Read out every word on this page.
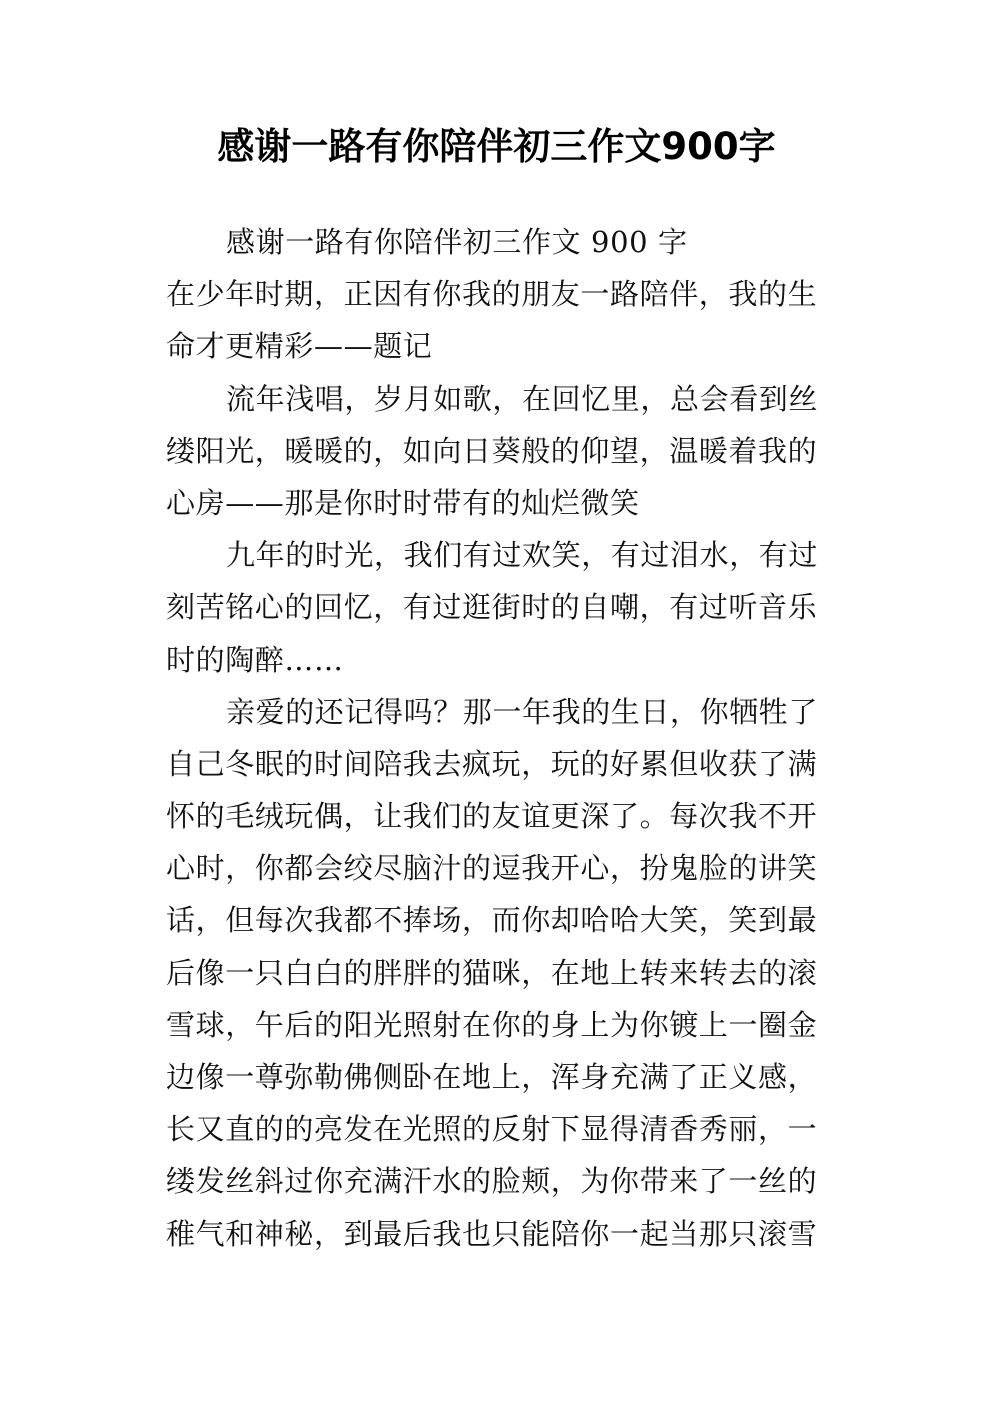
感谢一路有你陪伴初三作文900字
感谢一路有你陪伴初三作文 900 字
在少年时期，正因有你我的朋友一路陪伴，我的生
命才更精彩——题记
流年浅唱，岁月如歌，在回忆里，总会看到丝
缕阳光，暖暖的，如向日葵般的仰望，温暖着我的
心房——那是你时时带有的灿烂微笑
九年的时光，我们有过欢笑，有过泪水，有过
刻苦铭心的回忆，有过逛街时的自嘲，有过听音乐
时的陶醉……
亲爱的还记得吗？那一年我的生日，你牺牲了
自己冬眠的时间陪我去疯玩，玩的好累但收获了满
怀的毛绒玩偶，让我们的友谊更深了。每次我不开
心时，你都会绞尽脑汁的逗我开心，扮鬼脸的讲笑
话，但每次我都不捧场，而你却哈哈大笑，笑到最
后像一只白白的胖胖的猫咪，在地上转来转去的滚
雪球，午后的阳光照射在你的身上为你镀上一圈金
边像一尊弥勒佛侧卧在地上，浑身充满了正义感，
长又直的的亮发在光照的反射下显得清香秀丽，一
缕发丝斜过你充满汗水的脸颊，为你带来了一丝的
稚气和神秘，到最后我也只能陪你一起当那只滚雪
